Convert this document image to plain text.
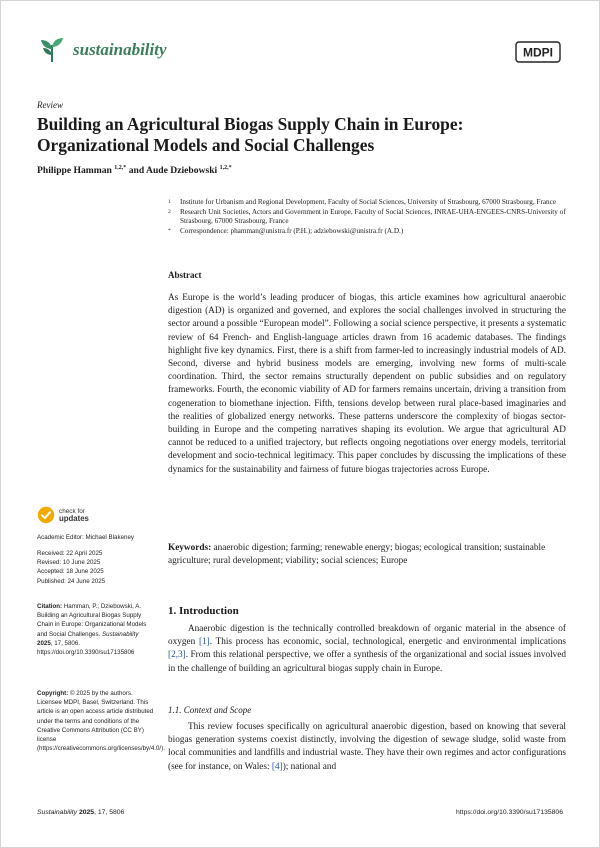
sustainability	MDPI
Review
Building an Agricultural Biogas Supply Chain in Europe: Organizational Models and Social Challenges
Philippe Hamman $^{1,2,*}$ and Aude Dziebowski $^{1,2,*}$
1	Institute for Urbanism and Regional Development, Faculty of Social Sciences, University of Strasbourg, 67000 Strasbourg, France
2	Research Unit Societies, Actors and Government in Europe, Faculty of Social Sciences, INRAE-UHA-ENGEES-CNRS-University of Strasbourg, 67000 Strasbourg, France
*	Correspondence: phamman@unistra.fr (P.H.); adziebowski@unistra.fr (A.D.)
Abstract
As Europe is the world’s leading producer of biogas, this article examines how agricultural anaerobic digestion (AD) is organized and governed, and explores the social challenges involved in structuring the sector around a possible “European model”. Following a social science perspective, it presents a systematic review of 64 French- and English-language articles drawn from 16 academic databases. The findings highlight five key dynamics. First, there is a shift from farmer-led to increasingly industrial models of AD. Second, diverse and hybrid business models are emerging, involving new forms of multi-scale coordination. Third, the sector remains structurally dependent on public subsidies and on regulatory frameworks. Fourth, the economic viability of AD for farmers remains uncertain, driving a transition from cogeneration to biomethane injection. Fifth, tensions develop between rural place-based imaginaries and the realities of globalized energy networks. These patterns underscore the complexity of biogas sector-building in Europe and the competing narratives shaping its evolution. We argue that agricultural AD cannot be reduced to a unified trajectory, but reflects ongoing negotiations over energy models, territorial development and socio-technical legitimacy. This paper concludes by discussing the implications of these dynamics for the sustainability and fairness of future biogas trajectories across Europe.
Keywords: anaerobic digestion; farming; renewable energy; biogas; ecological transition; sustainable agriculture; rural development; viability; social sciences; Europe
check for
updates
Academic Editor: Michael Blakeney
Received: 22 April 2025
Revised: 10 June 2025
Accepted: 18 June 2025
Published: 24 June 2025
Citation: Hamman, P.; Dziebowski, A. Building an Agricultural Biogas Supply Chain in Europe: Organizational Models and Social Challenges. Sustainability 2025, 17, 5806. https://doi.org/10.3390/su17135806
Copyright: © 2025 by the authors. Licensee MDPI, Basel, Switzerland. This article is an open access article distributed under the terms and conditions of the Creative Commons Attribution (CC BY) license (https://creativecommons.org/licenses/by/4.0/).
1. Introduction
Anaerobic digestion is the technically controlled breakdown of organic material in the absence of oxygen [1]. This process has economic, social, technological, energetic and environmental implications [2,3]. From this relational perspective, we offer a synthesis of the organizational and social issues involved in the challenge of building an agricultural biogas supply chain in Europe.
1.1. Context and Scope
This review focuses specifically on agricultural anaerobic digestion, based on knowing that several biogas generation systems coexist distinctly, involving the digestion of sewage sludge, solid waste from local communities and landfills and industrial waste. They have their own regimes and actor configurations (see for instance, on Wales: [4]); national and
Sustainability 2025, 17, 5806	https://doi.org/10.3390/su17135806
